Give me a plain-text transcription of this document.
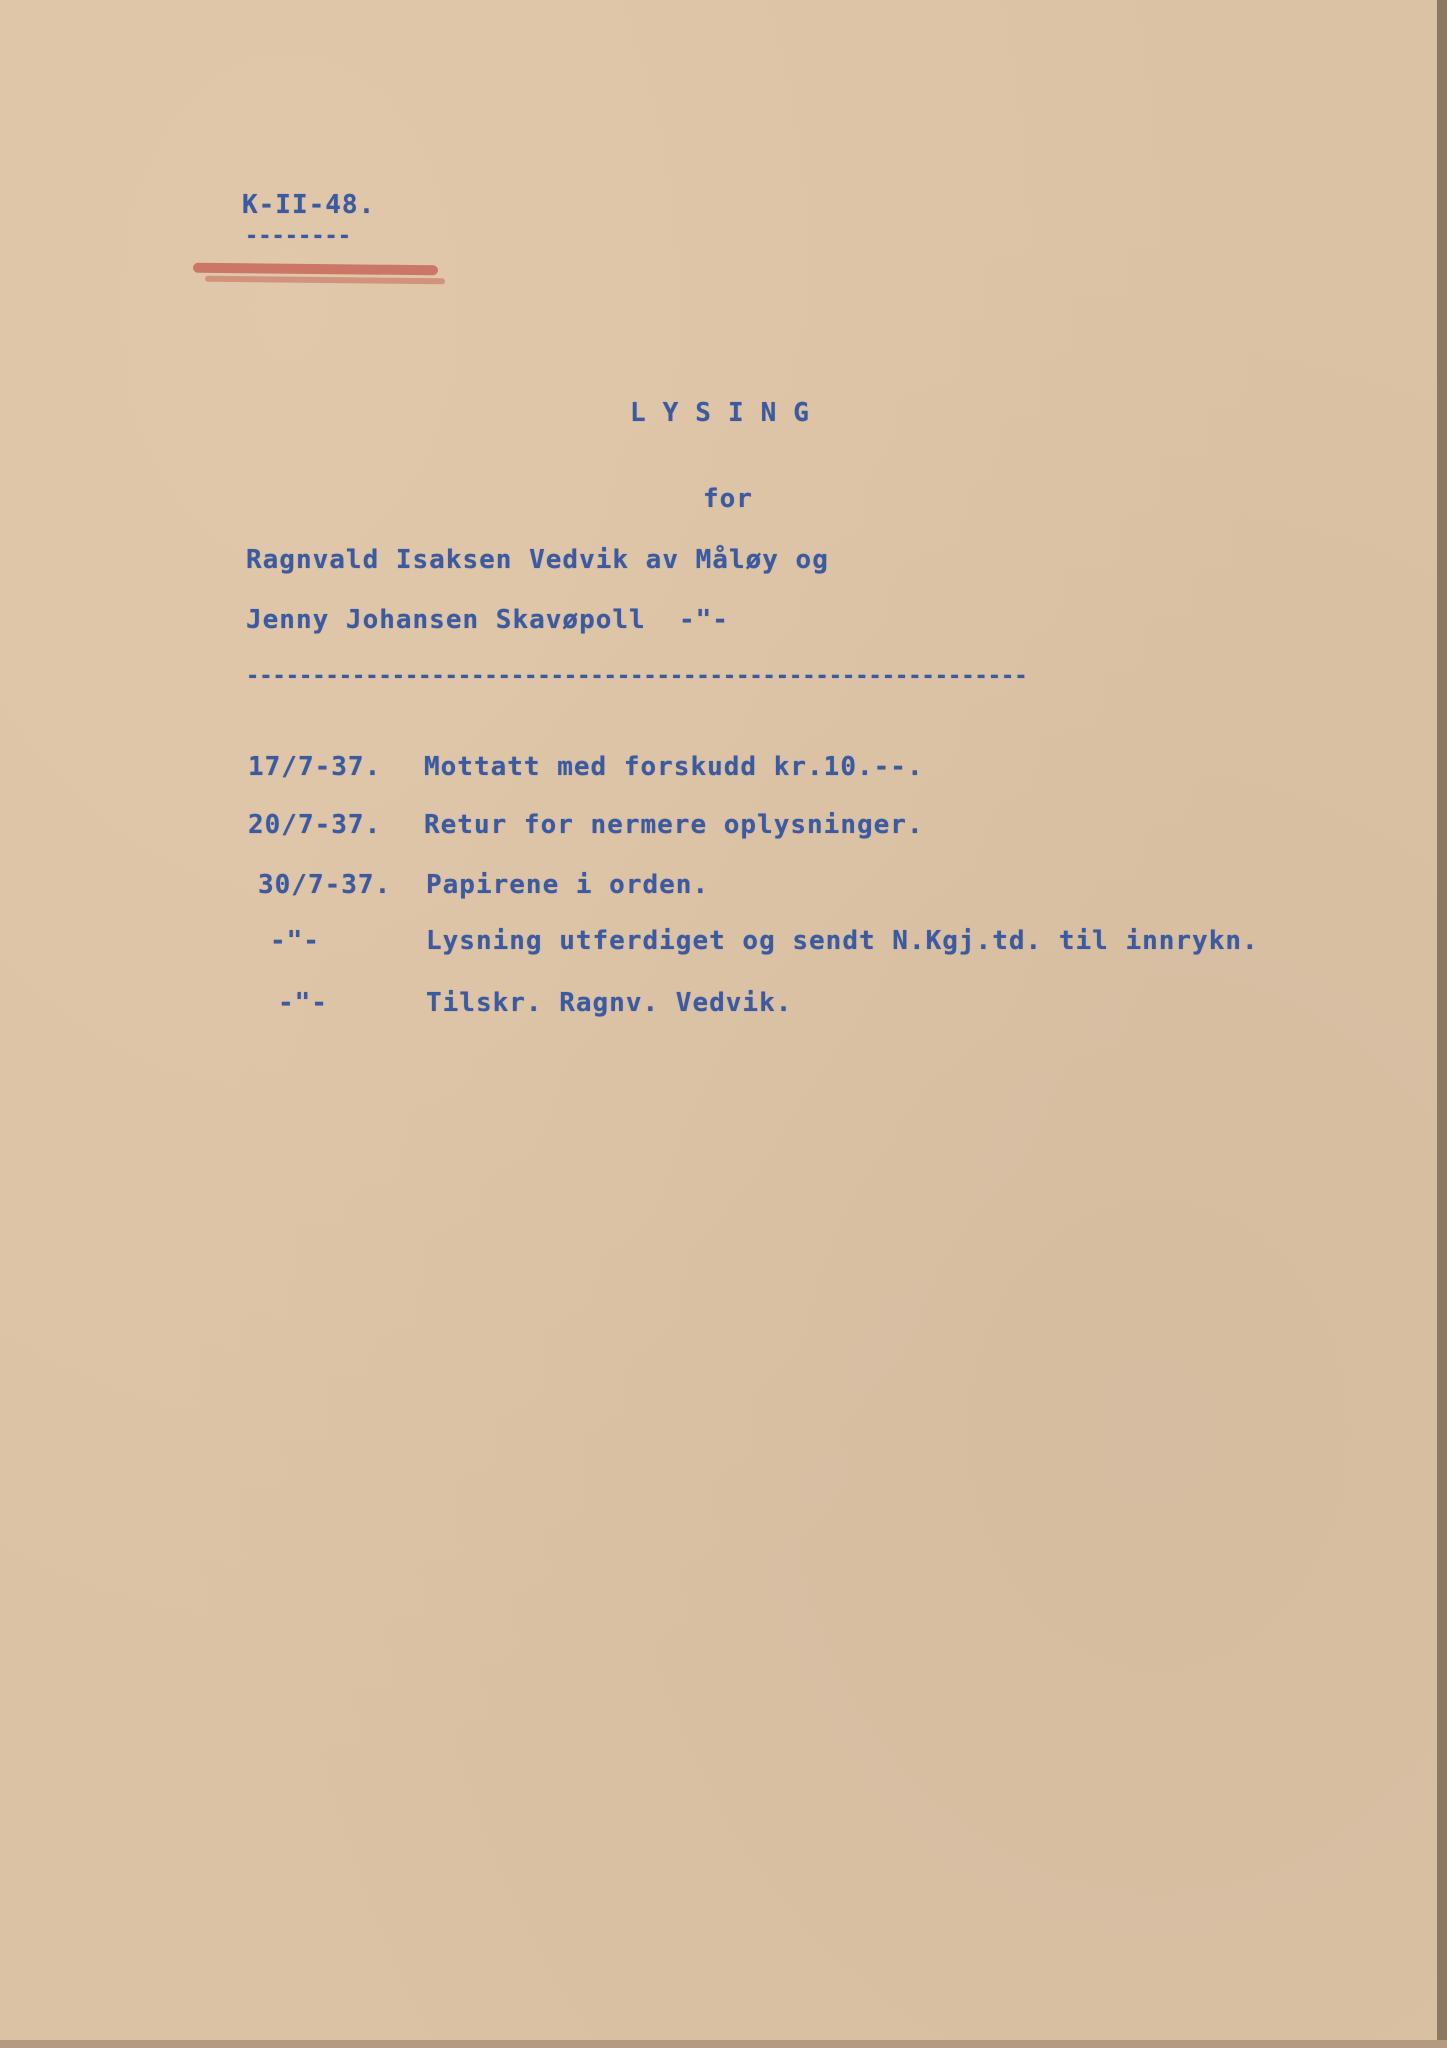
K-II-48.
--------
LYSING
for
Ragnvald Isaksen Vedvik av Måløy og
Jenny Johansen Skavøpoll  -"-
-----------------------------------------------------------
17/7-37. Mottatt med forskudd kr.10.--.
20/7-37. Retur for nermere oplysninger.
30/7-37. Papirene i orden.
-"-	Lysning utferdiget og sendt N.Kgj.td. til innrykn.
-"-	Tilskr. Ragnv. Vedvik.
